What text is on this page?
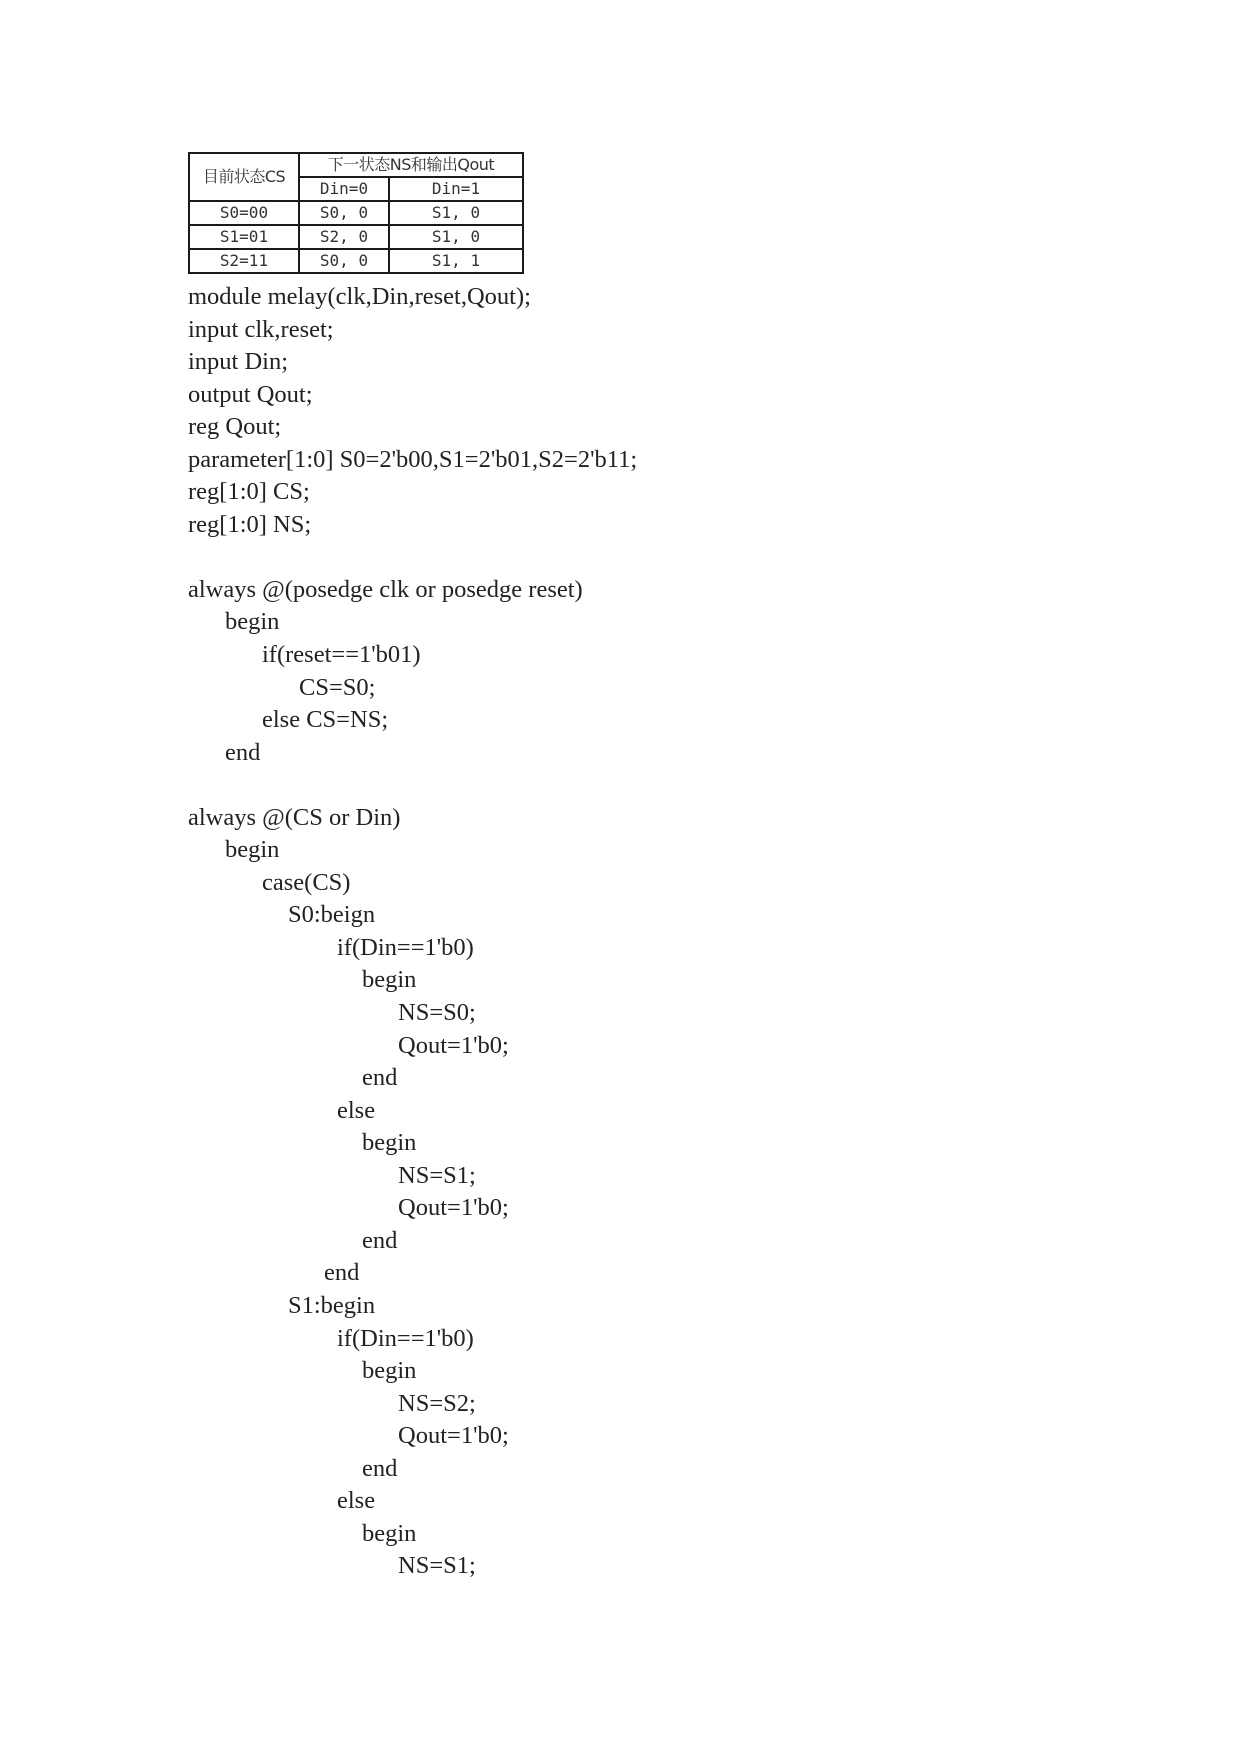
目前状态CS	下一状态NS和输出Qout	
	Din=0	Din=1
S0=00	S0, 0	S1, 0
S1=01	S2, 0	S1, 0
S2=11	S0, 0	S1, 1
module melay(clk,Din,reset,Qout);
input clk,reset;
input Din;
output Qout;
reg Qout;
parameter[1:0] S0=2'b00,S1=2'b01,S2=2'b11;
reg[1:0] CS;
reg[1:0] NS;
always @(posedge clk or posedge reset)
begin
if(reset==1'b01)
CS=S0;
else CS=NS;
end
always @(CS or Din)
begin
case(CS)
S0:beign
if(Din==1'b0)
begin
NS=S0;
Qout=1'b0;
end
else
begin
NS=S1;
Qout=1'b0;
end
end
S1:begin
if(Din==1'b0)
begin
NS=S2;
Qout=1'b0;
end
else
begin
NS=S1;
